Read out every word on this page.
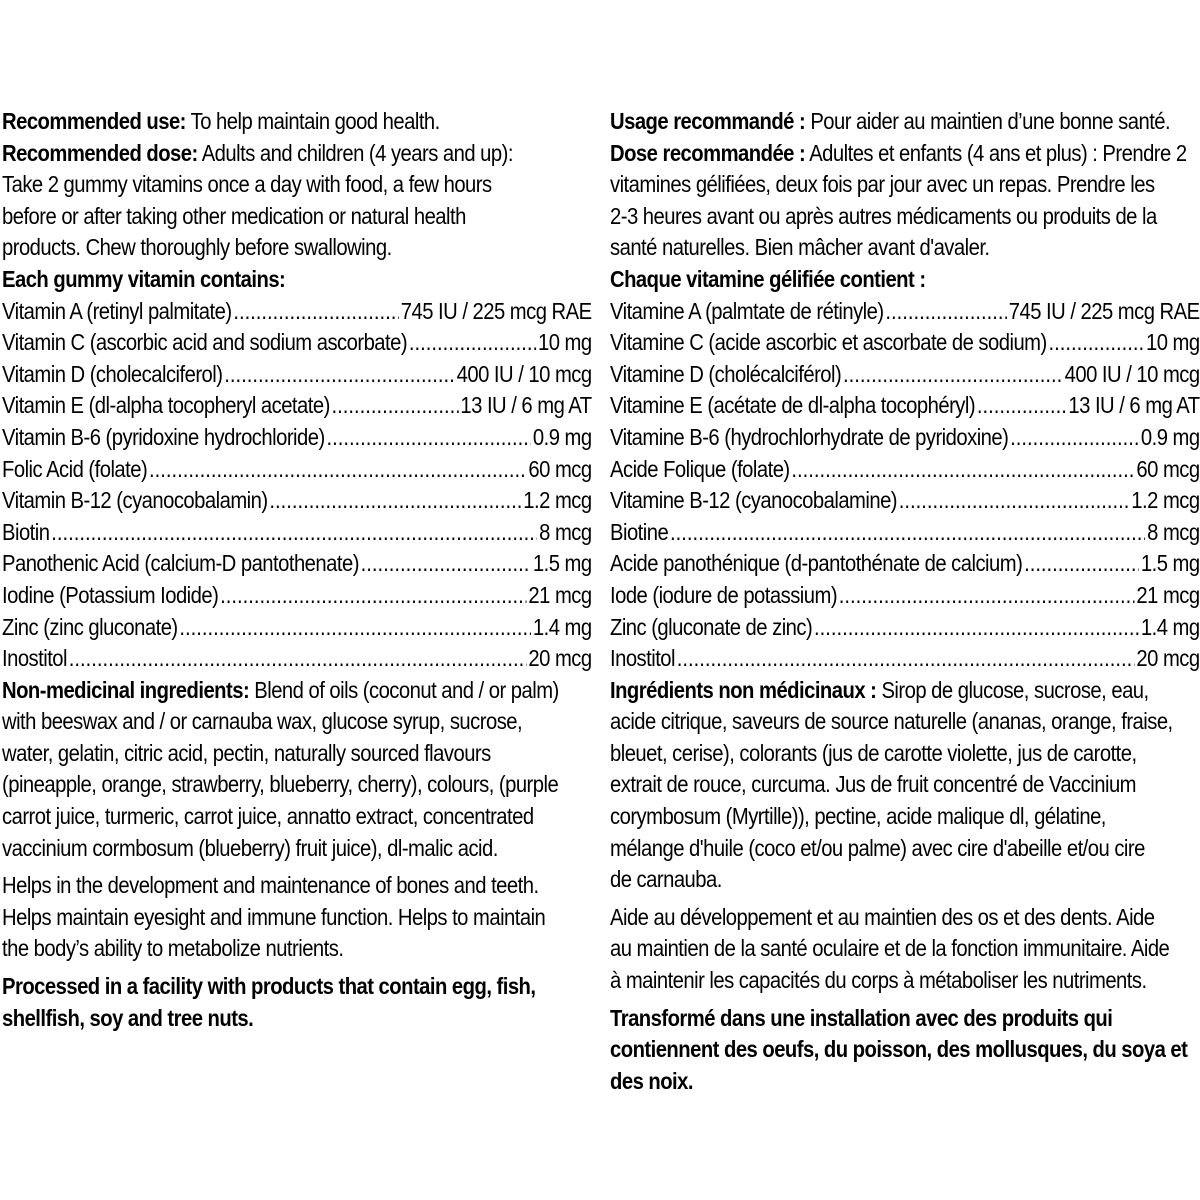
Recommended use: To help maintain good health.

Recommended dose: Adults and children (4 years and up):

Take 2 gummy vitamins once a day with food, a few hours

before or after taking other medication or natural health

products. Chew thoroughly before swallowing.

Each gummy vitamin contains:

Vitamin A (retinyl palmitate) .....	745 IU / 225 mcg RAE
Vitamin C (ascorbic acid and sodium ascorbate) .....	10 mg
Vitamin D (cholecalciferol) .....	400 IU / 10 mcg
Vitamin E (dl-alpha tocopheryl acetate) .....	13 IU / 6 mg AT
Vitamin B-6 (pyridoxine hydrochloride) .....	0.9 mg
Folic Acid (folate) .....	60 mcg
Vitamin B-12 (cyanocobalamin) .....	1.2 mcg
Biotin .....	8 mcg
Panothenic Acid (calcium-D pantothenate) .....	1.5 mg
Iodine (Potassium Iodide) .....	21 mcg
Zinc (zinc gluconate) .....	1.4 mg
Inostitol .....	20 mcg

Non-medicinal ingredients: Blend of oils (coconut and / or palm)

with beeswax and / or carnauba wax, glucose syrup, sucrose,

water, gelatin, citric acid, pectin, naturally sourced flavours

(pineapple, orange, strawberry, blueberry, cherry), colours, (purple

carrot juice, turmeric, carrot juice, annatto extract, concentrated

vaccinium cormbosum (blueberry) fruit juice), dl-malic acid.

Helps in the development and maintenance of bones and teeth.

Helps maintain eyesight and immune function. Helps to maintain

the body’s ability to metabolize nutrients.

Processed in a facility with products that contain egg, fish,

shellfish, soy and tree nuts.

Usage recommandé : Pour aider au maintien d’une bonne santé.

Dose recommandée : Adultes et enfants (4 ans et plus) : Prendre 2

vitamines gélifiées, deux fois par jour avec un repas. Prendre les

2-3 heures avant ou après autres médicaments ou produits de la

santé naturelles. Bien mâcher avant d'avaler.

Chaque vitamine gélifiée contient :

Vitamine A (palmtate de rétinyle) .....	745 IU / 225 mcg RAE
Vitamine C (acide ascorbic et ascorbate de sodium) .....	10 mg
Vitamine D (cholécalciférol) .....	400 IU / 10 mcg
Vitamine E (acétate de dl-alpha tocophéryl) .....	13 IU / 6 mg AT
Vitamine B-6 (hydrochlorhydrate de pyridoxine) .....	0.9 mg
Acide Folique (folate) .....	60 mcg
Vitamine B-12 (cyanocobalamine) .....	1.2 mcg
Biotine .....	8 mcg
Acide panothénique (d-pantothénate de calcium) .....	1.5 mg
Iode (iodure de potassium) .....	21 mcg
Zinc (gluconate de zinc) .....	1.4 mg
Inostitol .....	20 mcg

Ingrédients non médicinaux : Sirop de glucose, sucrose, eau,

acide citrique, saveurs de source naturelle (ananas, orange, fraise,

bleuet, cerise), colorants (jus de carotte violette, jus de carotte,

extrait de rouce, curcuma. Jus de fruit concentré de Vaccinium

corymbosum (Myrtille)), pectine, acide malique dl, gélatine,

mélange d'huile (coco et/ou palme) avec cire d'abeille et/ou cire

de carnauba.

Aide au développement et au maintien des os et des dents. Aide

au maintien de la santé oculaire et de la fonction immunitaire. Aide

à maintenir les capacités du corps à métaboliser les nutriments.

Transformé dans une installation avec des produits qui

contiennent des oeufs, du poisson, des mollusques, du soya et

des noix.
